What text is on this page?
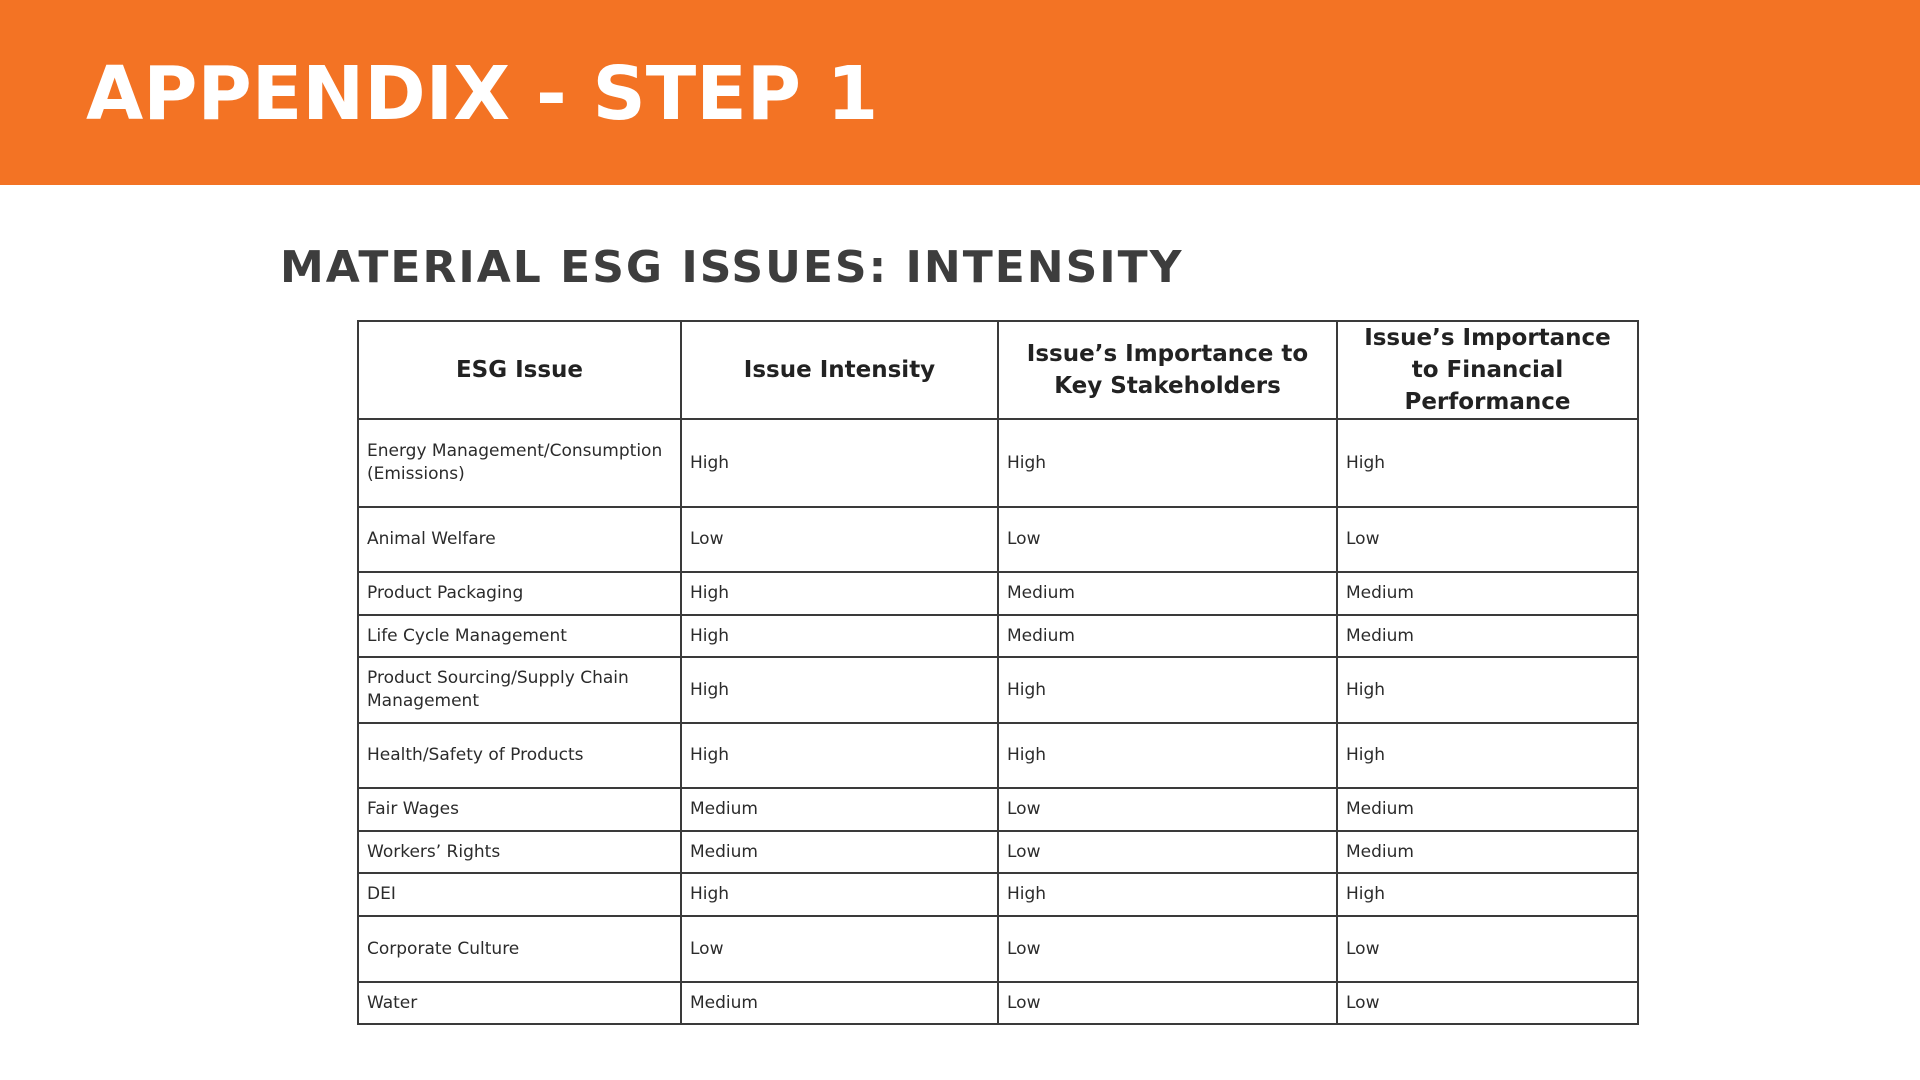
APPENDIX - STEP 1
MATERIAL ESG ISSUES: INTENSITY
ESG Issue	Issue Intensity	Issue’s Importance to Key Stakeholders	Issue’s Importance to Financial Performance
Energy Management/Consumption (Emissions)	High	High	High
Animal Welfare	Low	Low	Low
Product Packaging	High	Medium	Medium
Life Cycle Management	High	Medium	Medium
Product Sourcing/Supply Chain Management	High	High	High
Health/Safety of Products	High	High	High
Fair Wages	Medium	Low	Medium
Workers’ Rights	Medium	Low	Medium
DEI	High	High	High
Corporate Culture	Low	Low	Low
Water	Medium	Low	Low
